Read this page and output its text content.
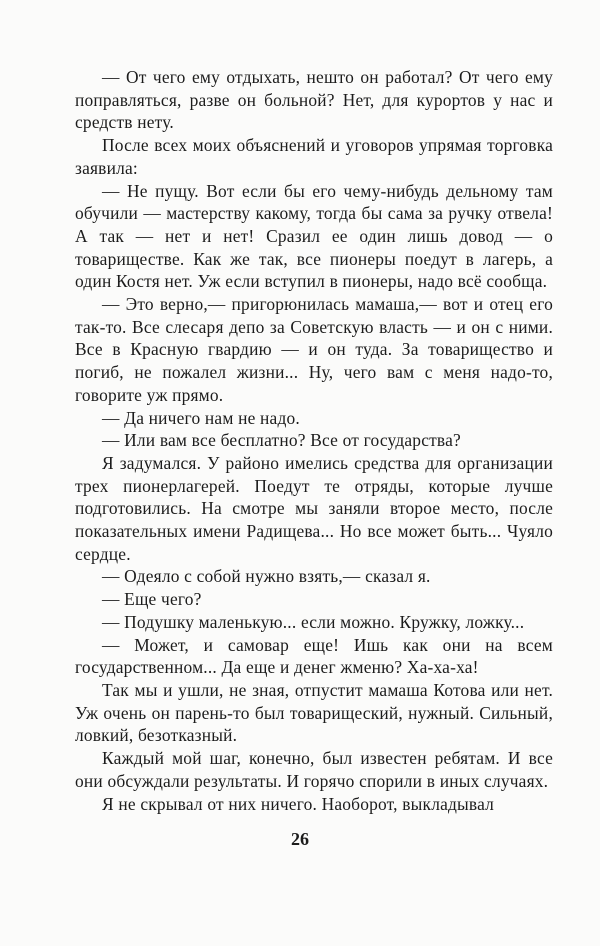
— От чего ему отдыхать, нешто он работал? От чего ему поправляться, разве он больной? Нет, для курортов у нас и средств нету.

После всех моих объяснений и уговоров упрямая торговка заявила:

— Не пущу. Вот если бы его чему-нибудь дельному там обучили — мастерству какому, тогда бы сама за ручку отвела! А так — нет и нет! Сразил ее один лишь довод — о товариществе. Как же так, все пионеры поедут в лагерь, а один Костя нет. Уж если вступил в пионеры, надо всё сообща.

— Это верно,— пригорюнилась мамаша,— вот и отец его так-то. Все слесаря депо за Советскую власть — и он с ними. Все в Красную гвардию — и он туда. За товарищество и погиб, не пожалел жизни... Ну, чего вам с меня надо-то, говорите уж прямо.

— Да ничего нам не надо.

— Или вам все бесплатно? Все от государства?

Я задумался. У районо имелись средства для организации трех пионерлагерей. Поедут те отряды, которые лучше подготовились. На смотре мы заняли второе место, после показательных имени Радищева... Но все может быть... Чуяло сердце.

— Одеяло с собой нужно взять,— сказал я.

— Еще чего?

— Подушку маленькую... если можно. Кружку, ложку...

— Может, и самовар еще! Ишь как они на всем государственном... Да еще и денег жменю? Ха-ха-ха!

Так мы и ушли, не зная, отпустит мамаша Котова или нет. Уж очень он парень-то был товарищеский, нужный. Сильный, ловкий, безотказный.

Каждый мой шаг, конечно, был известен ребятам. И все они обсуждали результаты. И горячо спорили в иных случаях.

Я не скрывал от них ничего. Наоборот, выкладывал

26
